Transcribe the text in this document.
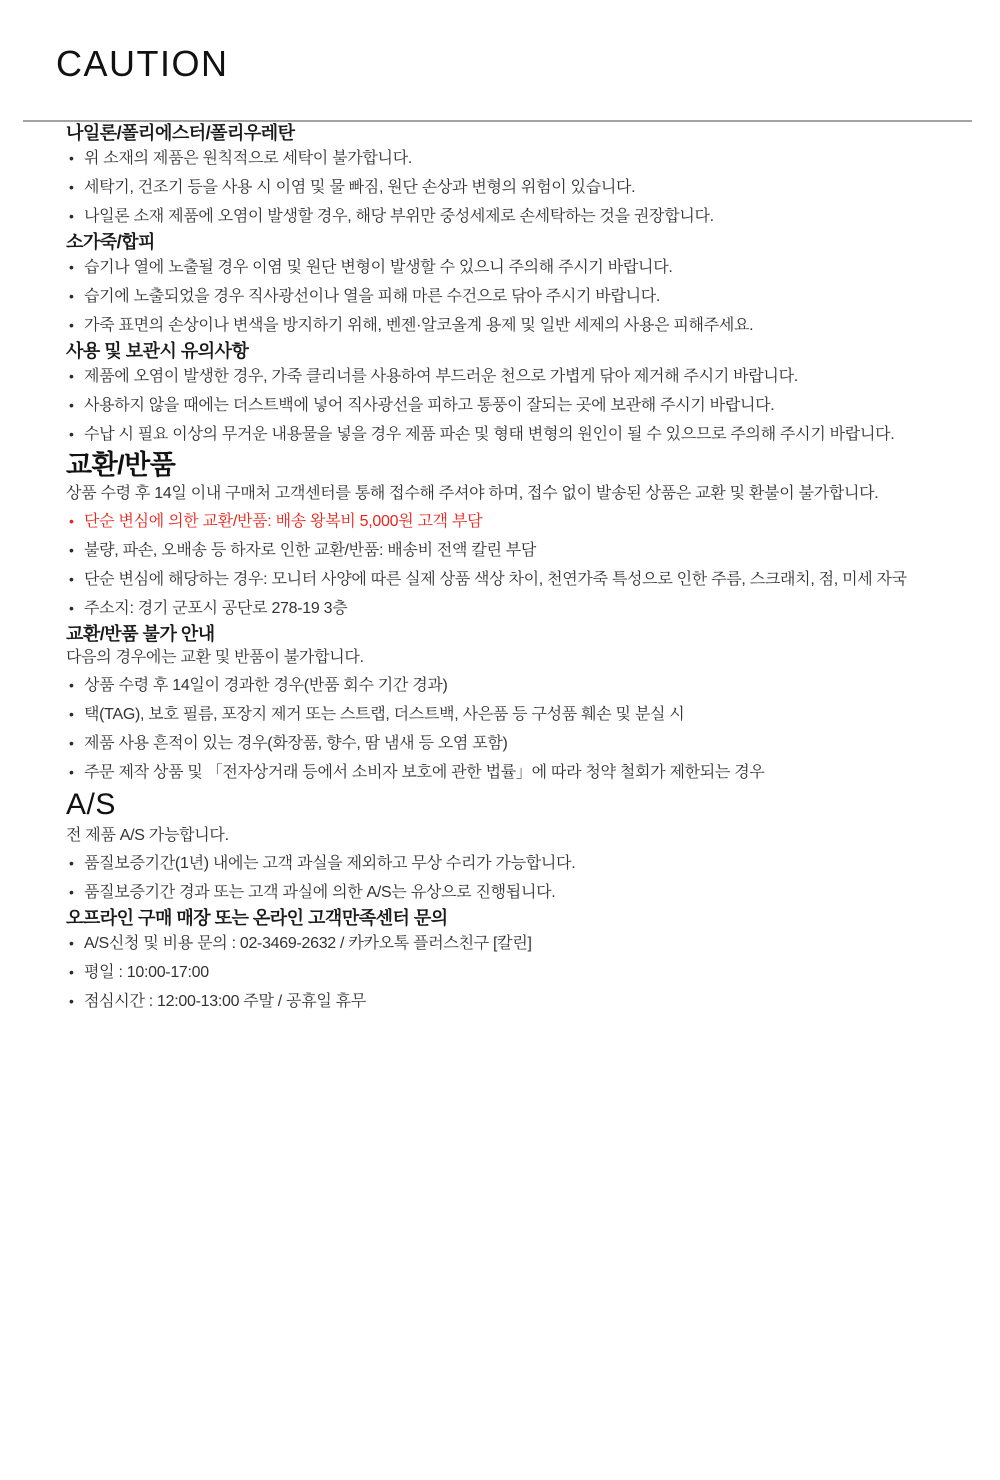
CAUTION
나일론/폴리에스터/폴리우레탄
• 위 소재의 제품은 원칙적으로 세탁이 불가합니다.
• 세탁기, 건조기 등을 사용 시 이염 및 물 빠짐, 원단 손상과 변형의 위험이 있습니다.
• 나일론 소재 제품에 오염이 발생할 경우, 해당 부위만 중성세제로 손세탁하는 것을 권장합니다.
소가죽/합피
• 습기나 열에 노출될 경우 이염 및 원단 변형이 발생할 수 있으니 주의해 주시기 바랍니다.
• 습기에 노출되었을 경우 직사광선이나 열을 피해 마른 수건으로 닦아 주시기 바랍니다.
• 가죽 표면의 손상이나 변색을 방지하기 위해, 벤젠·알코올계 용제 및 일반 세제의 사용은 피해주세요.
사용 및 보관시 유의사항
• 제품에 오염이 발생한 경우, 가죽 클리너를 사용하여 부드러운 천으로 가볍게 닦아 제거해 주시기 바랍니다.
• 사용하지 않을 때에는 더스트백에 넣어 직사광선을 피하고 통풍이 잘되는 곳에 보관해 주시기 바랍니다.
• 수납 시 필요 이상의 무거운 내용물을 넣을 경우 제품 파손 및 형태 변형의 원인이 될 수 있으므로 주의해 주시기 바랍니다.
교환/반품

상품 수령 후 14일 이내 구매처 고객센터를 통해 접수해 주셔야 하며, 접수 없이 발송된 상품은 교환 및 환불이 불가합니다.

• 단순 변심에 의한 교환/반품: 배송 왕복비 5,000원 고객 부담
• 불량, 파손, 오배송 등 하자로 인한 교환/반품: 배송비 전액 칼린 부담
• 단순 변심에 해당하는 경우: 모니터 사양에 따른 실제 상품 색상 차이, 천연가죽 특성으로 인한 주름, 스크래치, 점, 미세 자국
• 주소지: 경기 군포시 공단로 278-19 3층
교환/반품 불가 안내

다음의 경우에는 교환 및 반품이 불가합니다.

• 상품 수령 후 14일이 경과한 경우(반품 회수 기간 경과)
• 택(TAG), 보호 필름, 포장지 제거 또는 스트랩, 더스트백, 사은품 등 구성품 훼손 및 분실 시
• 제품 사용 흔적이 있는 경우(화장품, 향수, 땀 냄새 등 오염 포함)
• 주문 제작 상품 및 「전자상거래 등에서 소비자 보호에 관한 법률」에 따라 청약 철회가 제한되는 경우
A/S

전 제품 A/S 가능합니다.

• 품질보증기간(1년) 내에는 고객 과실을 제외하고 무상 수리가 가능합니다.
• 품질보증기간 경과 또는 고객 과실에 의한 A/S는 유상으로 진행됩니다.
오프라인 구매 매장 또는 온라인 고객만족센터 문의
• A/S신청 및 비용 문의 : 02-3469-2632 / 카카오톡 플러스친구 [칼린]
• 평일 : 10:00-17:00
• 점심시간 : 12:00-13:00 주말 / 공휴일 휴무
